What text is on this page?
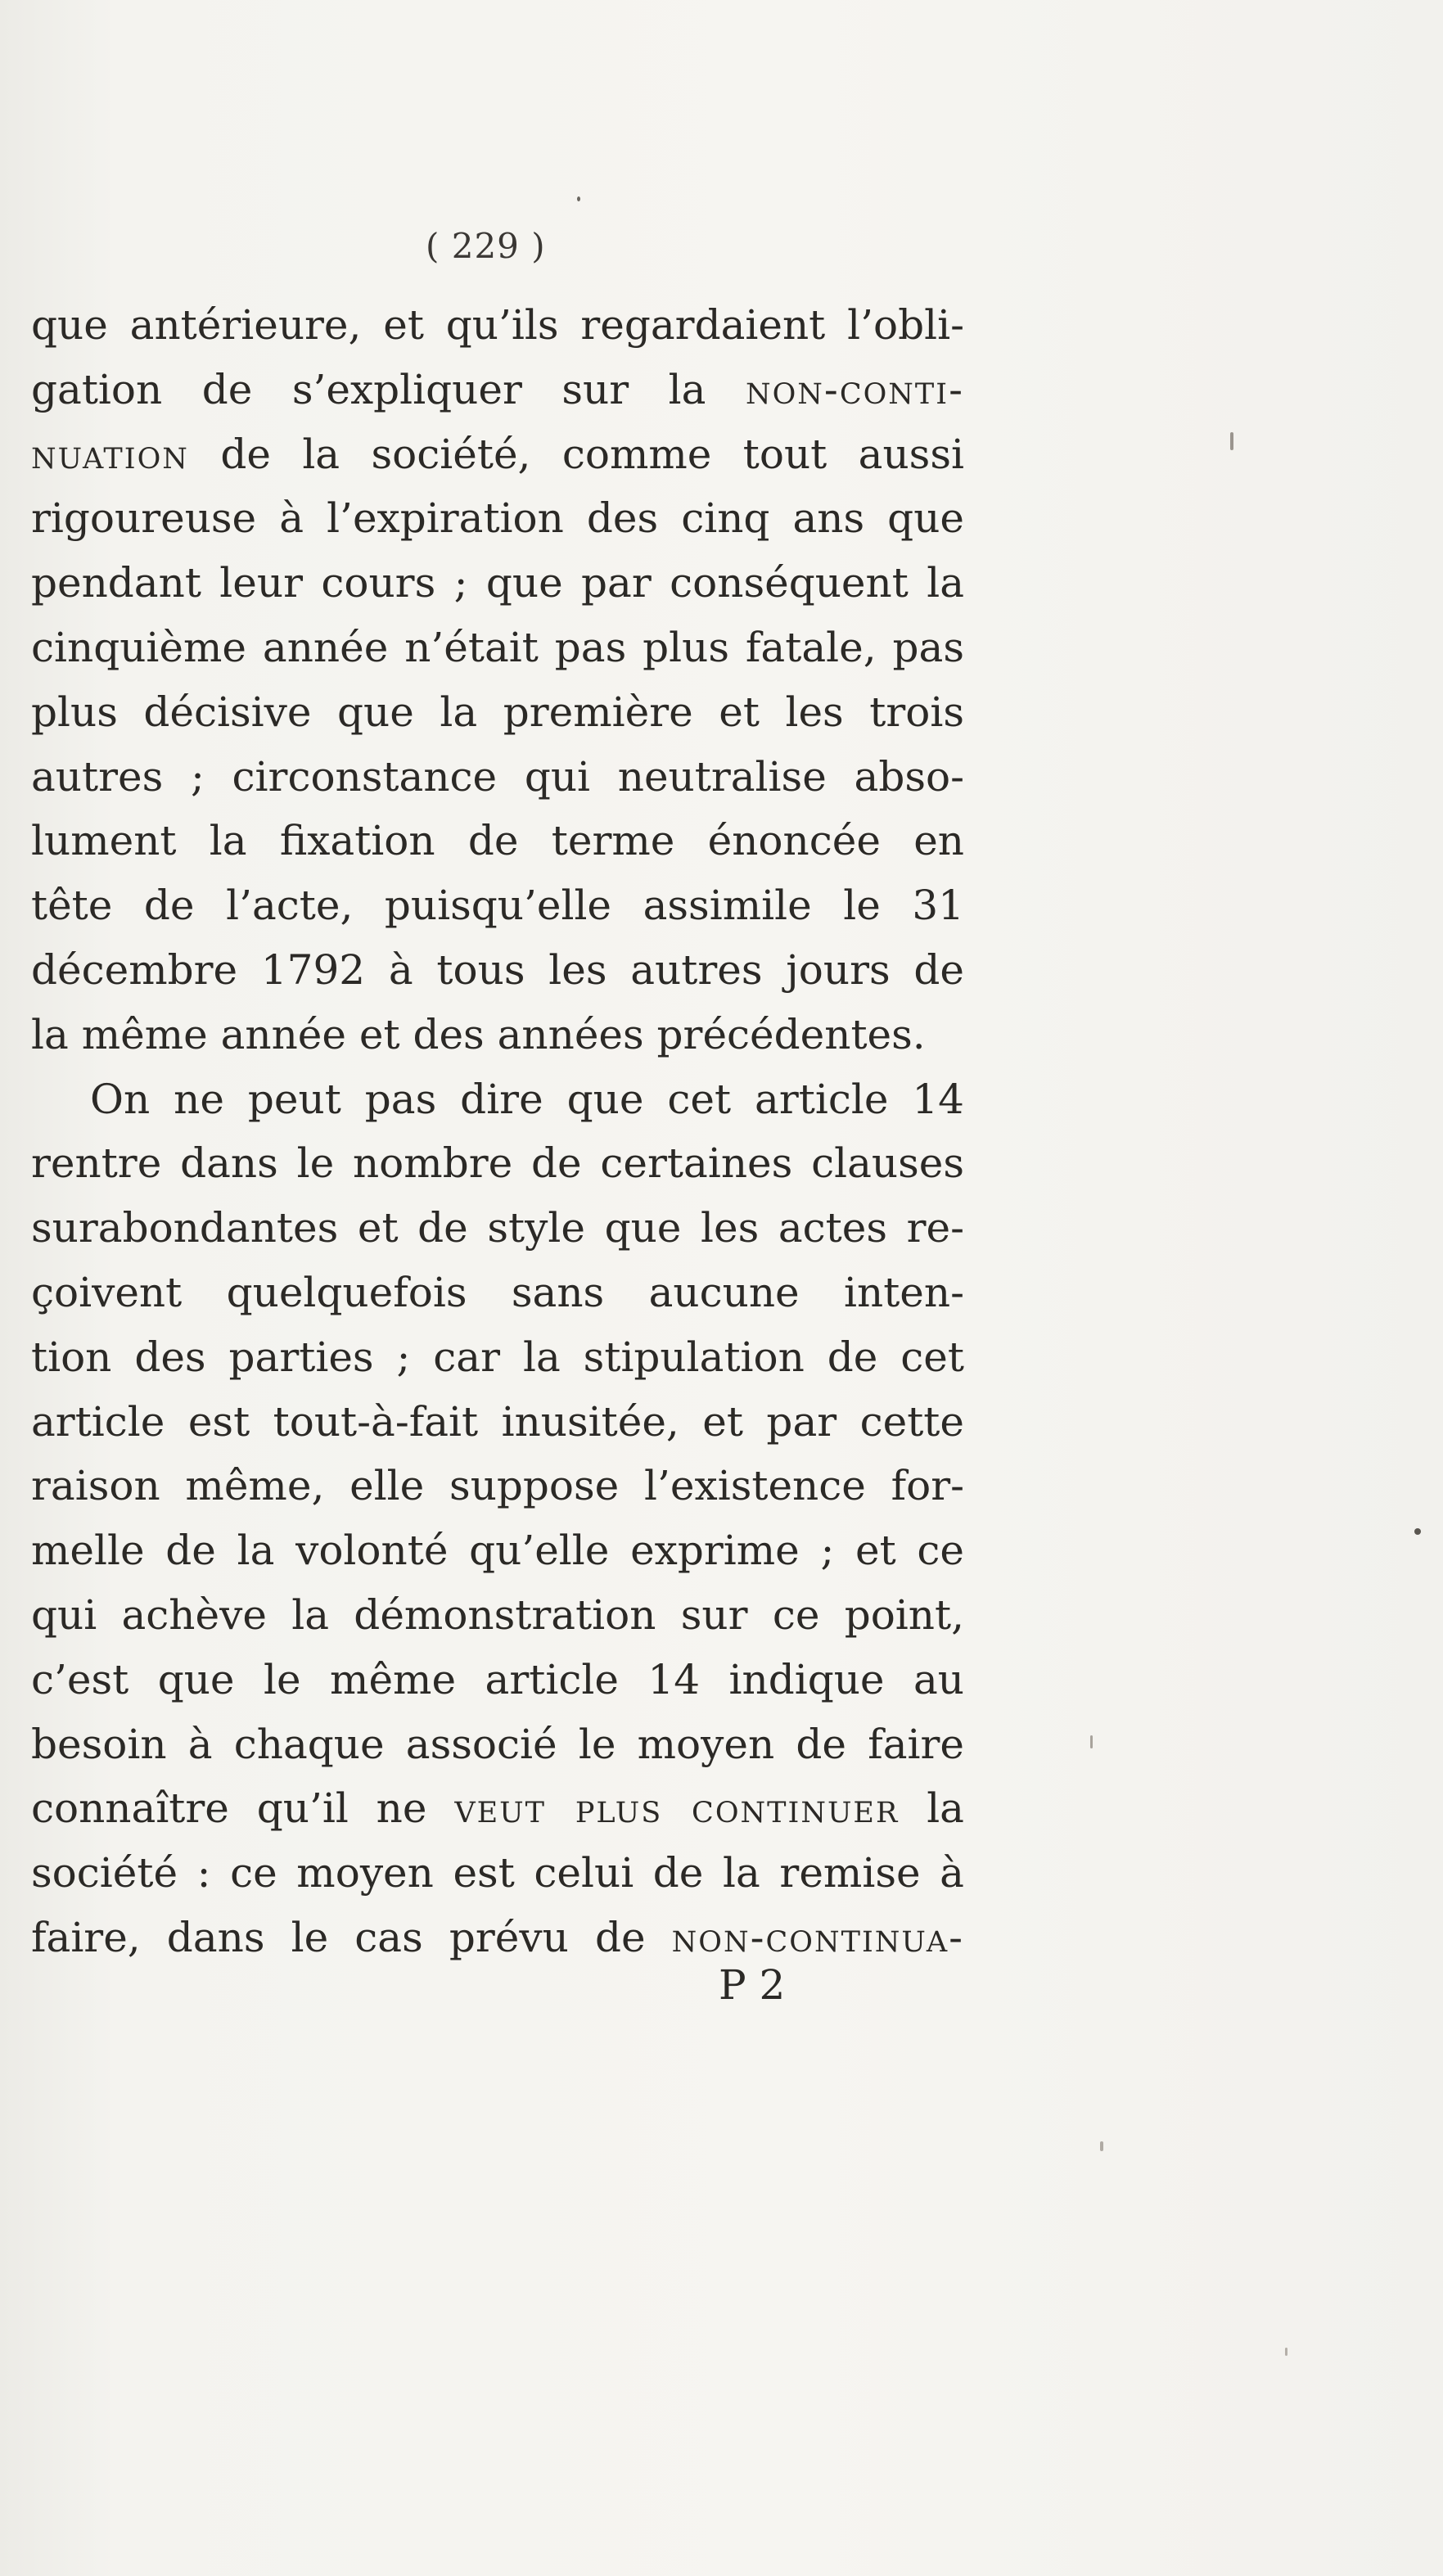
( 229 )
que antérieure, et qu’ils regardaient l’obli-
gation de s’expliquer sur la non-conti-
nuation de la société, comme tout aussi
rigoureuse à l’expiration des cinq ans que
pendant leur cours ; que par conséquent la
cinquième année n’était pas plus fatale, pas
plus décisive que la première et les trois
autres ; circonstance qui neutralise abso-
lument la fixation de terme énoncée en
tête de l’acte, puisqu’elle assimile le 31
décembre 1792 à tous les autres jours de
la même année et des années précédentes.
On ne peut pas dire que cet article 14
rentre dans le nombre de certaines clauses
surabondantes et de style que les actes re-
çoivent quelquefois sans aucune inten-
tion des parties ; car la stipulation de cet
article est tout-à-fait inusitée, et par cette
raison même, elle suppose l’existence for-
melle de la volonté qu’elle exprime ; et ce
qui achève la démonstration sur ce point,
c’est que le même article 14 indique au
besoin à chaque associé le moyen de faire
connaître qu’il ne veut plus continuer la
société : ce moyen est celui de la remise à
faire, dans le cas prévu de non-continua-
P 2
